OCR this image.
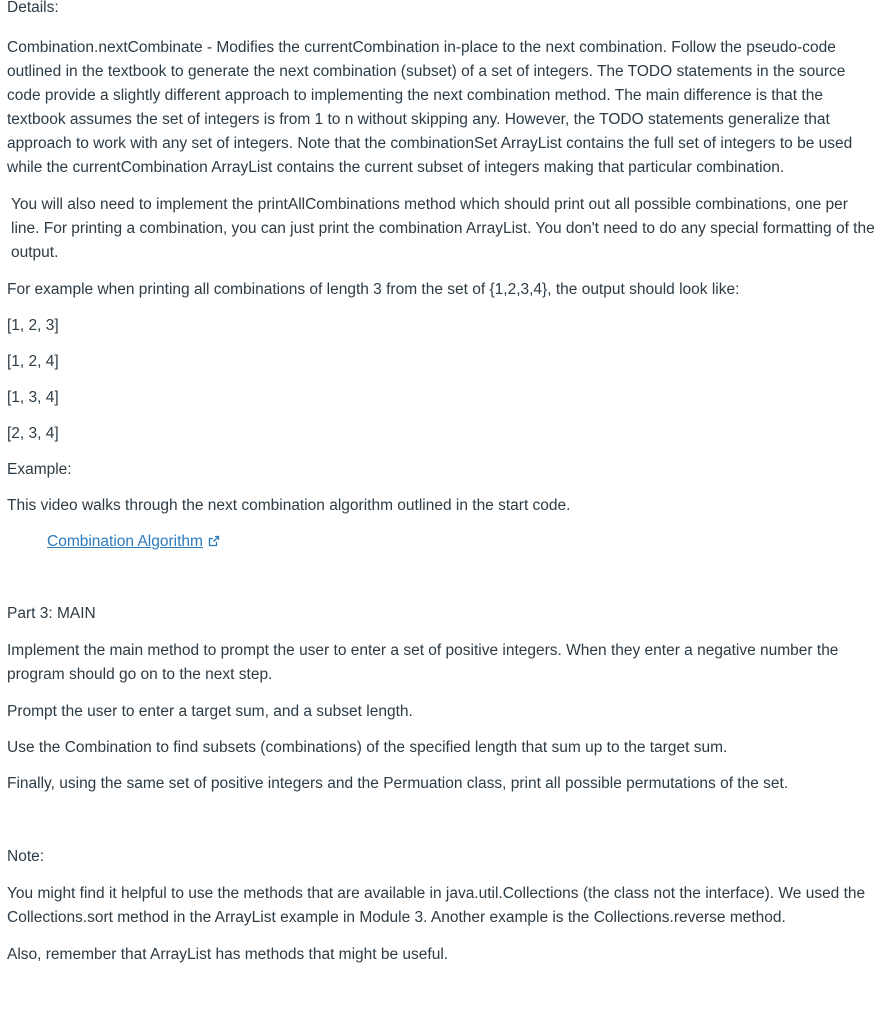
Details:

Combination.nextCombinate - Modifies the currentCombination in-place to the next combination. Follow the pseudo-code outlined in the textbook to generate the next combination (subset) of a set of integers. The TODO statements in the source code provide a slightly different approach to implementing the next combination method. The main difference is that the textbook assumes the set of integers is from 1 to n without skipping any. However, the TODO statements generalize that approach to work with any set of integers. Note that the combinationSet ArrayList contains the full set of integers to be used while the currentCombination ArrayList contains the current subset of integers making that particular combination.

You will also need to implement the printAllCombinations method which should print out all possible combinations, one per line. For printing a combination, you can just print the combination ArrayList. You don't need to do any special formatting of the output.

For example when printing all combinations of length 3 from the set of {1,2,3,4}, the output should look like:

[1, 2, 3]

[1, 2, 4]

[1, 3, 4]

[2, 3, 4]

Example:

This video walks through the next combination algorithm outlined in the start code.

Combination Algorithm

Part 3: MAIN

Implement the main method to prompt the user to enter a set of positive integers. When they enter a negative number the program should go on to the next step.

Prompt the user to enter a target sum, and a subset length.

Use the Combination to find subsets (combinations) of the specified length that sum up to the target sum.

Finally, using the same set of positive integers and the Permuation class, print all possible permutations of the set.

Note:

You might find it helpful to use the methods that are available in java.util.Collections (the class not the interface). We used the Collections.sort method in the ArrayList example in Module 3. Another example is the Collections.reverse method.

Also, remember that ArrayList has methods that might be useful.
